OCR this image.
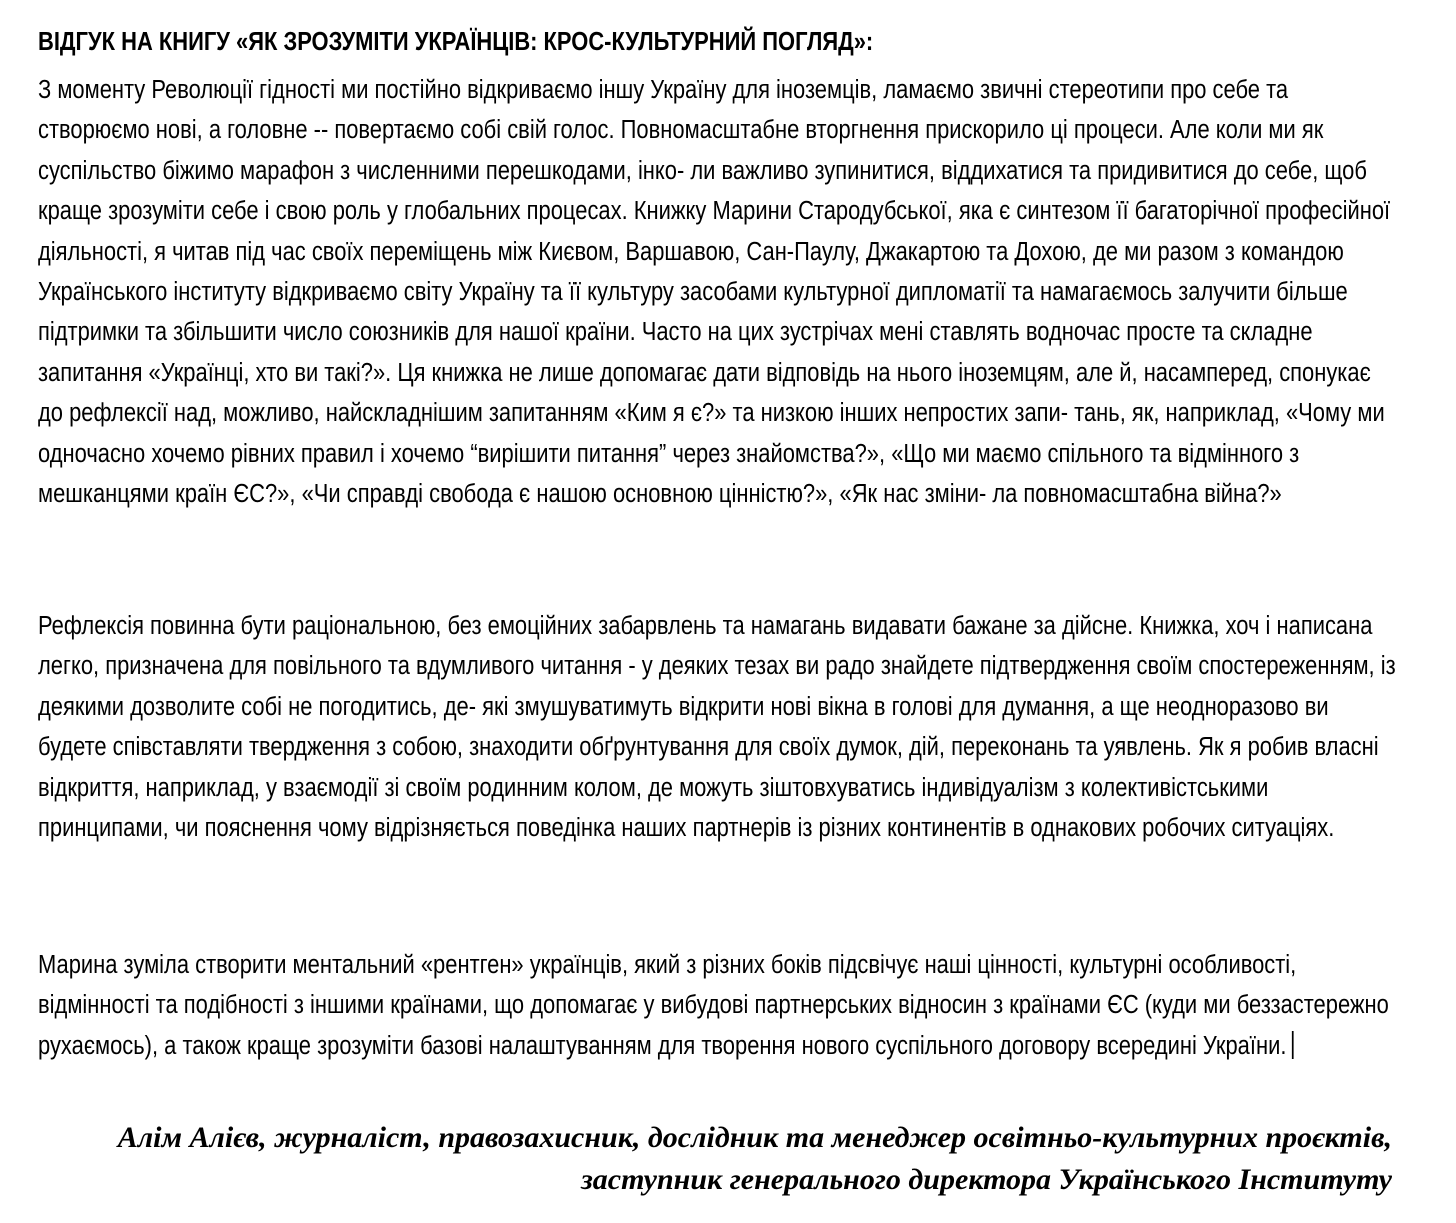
ВІДГУК НА КНИГУ «ЯК ЗРОЗУМІТИ УКРАЇНЦІВ: КРОС-КУЛЬТУРНИЙ ПОГЛЯД»:

З моменту Революції гідності ми постійно відкриваємо іншу Україну для іноземців, ламаємо звичні стереотипи про себе та створюємо нові, а головне -- повертаємо собі свій голос. Повномасштабне вторгнення прискорило ці процеси. Але коли ми як суспільство біжимо марафон з численними перешкодами, інко- ли важливо зупинитися, віддихатися та придивитися до себе, щоб краще зрозуміти себе і свою роль у глобальних процесах. Книжку Марини Стародубської, яка є синтезом її багаторічної професійної діяльності, я читав під час своїх переміщень між Києвом, Варшавою, Сан-Паулу, Джакартою та Дохою, де ми разом з командою Українського інституту відкриваємо світу Україну та її культуру засобами культурної дипломатії та намагаємось залучити більше підтримки та збільшити число союзників для нашої країни. Часто на цих зустрічах мені ставлять водночас просте та складне запитання «Українці, хто ви такі?». Ця книжка не лише допомагає дати відповідь на нього іноземцям, але й, насамперед, спонукає до рефлексії над, можливо, найскладнішим запитанням «Ким я є?» та низкою інших непростих запи- тань, як, наприклад, «Чому ми одночасно хочемо рівних правил і хочемо “вирішити питання” через знайомства?», «Що ми маємо спільного та відмінного з мешканцями країн ЄС?», «Чи справді свобода є нашою основною цінністю?», «Як нас зміни- ла повномасштабна війна?»

Рефлексія повинна бути раціональною, без емоційних забарвлень та намагань видавати бажане за дійсне. Книжка, хоч і написана легко, призначена для повільного та вдумливого читання - у деяких тезах ви радо знайдете підтвердження своїм спостереженням, із деякими дозволите собі не погодитись, де- які змушуватимуть відкрити нові вікна в голові для думання, а ще неодноразово ви будете співставляти твердження з собою, знаходити обґрунтування для своїх думок, дій, переконань та уявлень. Як я робив власні відкриття, наприклад, у взаємодії зі своїм родинним колом, де можуть зіштовхуватись індивідуалізм з колективістськими принципами, чи пояснення чому відрізняється поведінка наших партнерів із різних континентів в однакових робочих ситуаціях.

Марина зуміла створити ментальний «рентген» українців, який з різних боків підсвічує наші цінності, культурні особливості, відмінності та подібності з іншими країнами, що допомагає у вибудові партнерських відносин з країнами ЄС (куди ми беззастережно рухаємось), а також краще зрозуміти базові налаштуванням для творення нового суспільного договору всередині України.

Алім Алієв, журналіст, правозахисник, дослідник та менеджер освітньо-культурних проєктів, заступник генерального директора Українського Інституту
